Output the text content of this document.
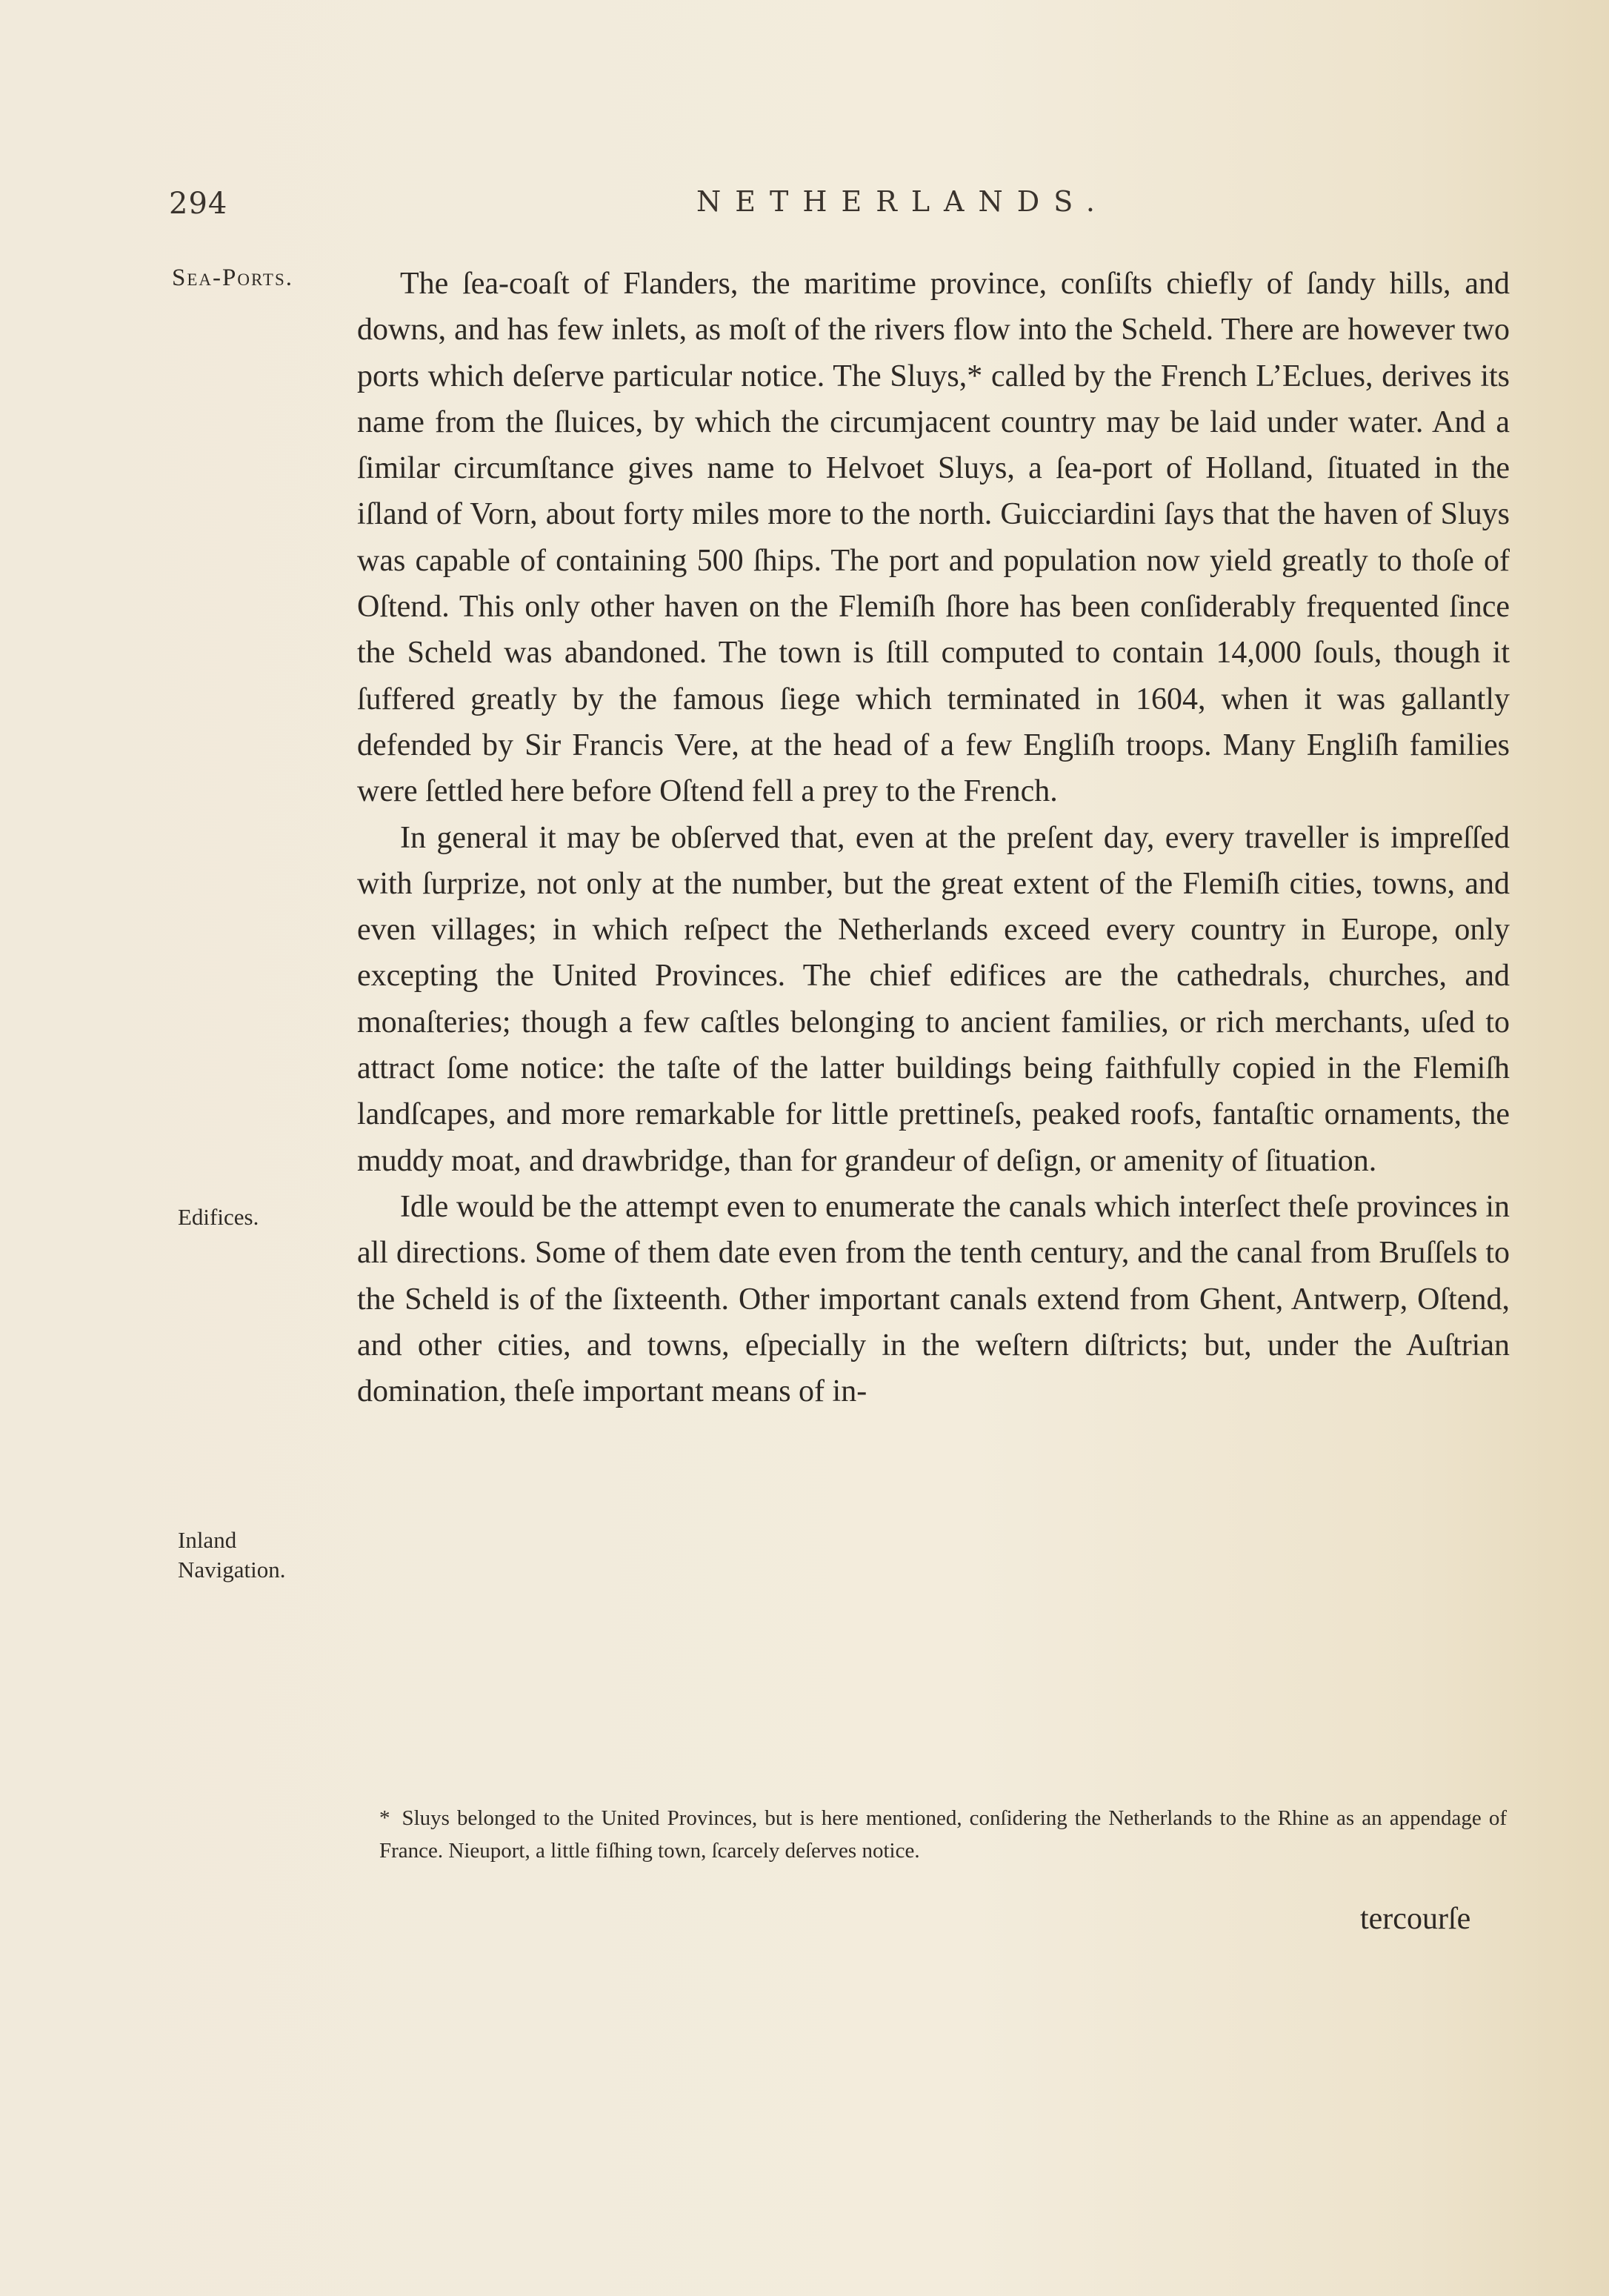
294	NETHERLANDS.
Sea-Ports.
Edifices.
Inland
Navigation.

The ſea-coaſt of Flanders, the maritime province, conſiſts chiefly of ſandy hills, and downs, and has few inlets, as moſt of the rivers flow into the Scheld. There are however two ports which deſerve particular notice. The Sluys,* called by the French L’Eclues, derives its name from the ſluices, by which the circumjacent country may be laid under water. And a ſimilar circumſtance gives name to Helvoet Sluys, a ſea-port of Holland, ſituated in the iſland of Vorn, about forty miles more to the north. Guicciardini ſays that the haven of Sluys was capable of containing 500 ſhips. The port and population now yield greatly to thoſe of Oſtend. This only other haven on the Flemiſh ſhore has been conſiderably frequented ſince the Scheld was abandoned. The town is ſtill computed to contain 14,000 ſouls, though it ſuffered greatly by the famous ſiege which terminated in 1604, when it was gallantly defended by Sir Francis Vere, at the head of a few Engliſh troops. Many Engliſh families were ſettled here before Oſtend fell a prey to the French.

In general it may be obſerved that, even at the preſent day, every traveller is impreſſed with ſurprize, not only at the number, but the great extent of the Flemiſh cities, towns, and even villages; in which reſpect the Netherlands exceed every country in Europe, only excepting the United Provinces. The chief edifices are the cathedrals, churches, and monaſteries; though a few caſtles belonging to ancient families, or rich merchants, uſed to attract ſome notice: the taſte of the latter buildings being faithfully copied in the Flemiſh landſcapes, and more remarkable for little prettineſs, peaked roofs, fantaſtic ornaments, the muddy moat, and drawbridge, than for grandeur of deſign, or amenity of ſituation.

Idle would be the attempt even to enumerate the canals which interſect theſe provinces in all directions. Some of them date even from the tenth century, and the canal from Bruſſels to the Scheld is of the ſixteenth. Other important canals extend from Ghent, Antwerp, Oſtend, and other cities, and towns, eſpecially in the weſtern diſtricts; but, under the Auſtrian domination, theſe important means of in-

* Sluys belonged to the United Provinces, but is here mentioned, conſidering the Netherlands to the Rhine as an appendage of France. Nieuport, a little fiſhing town, ſcarcely deſerves notice.
tercourſe
